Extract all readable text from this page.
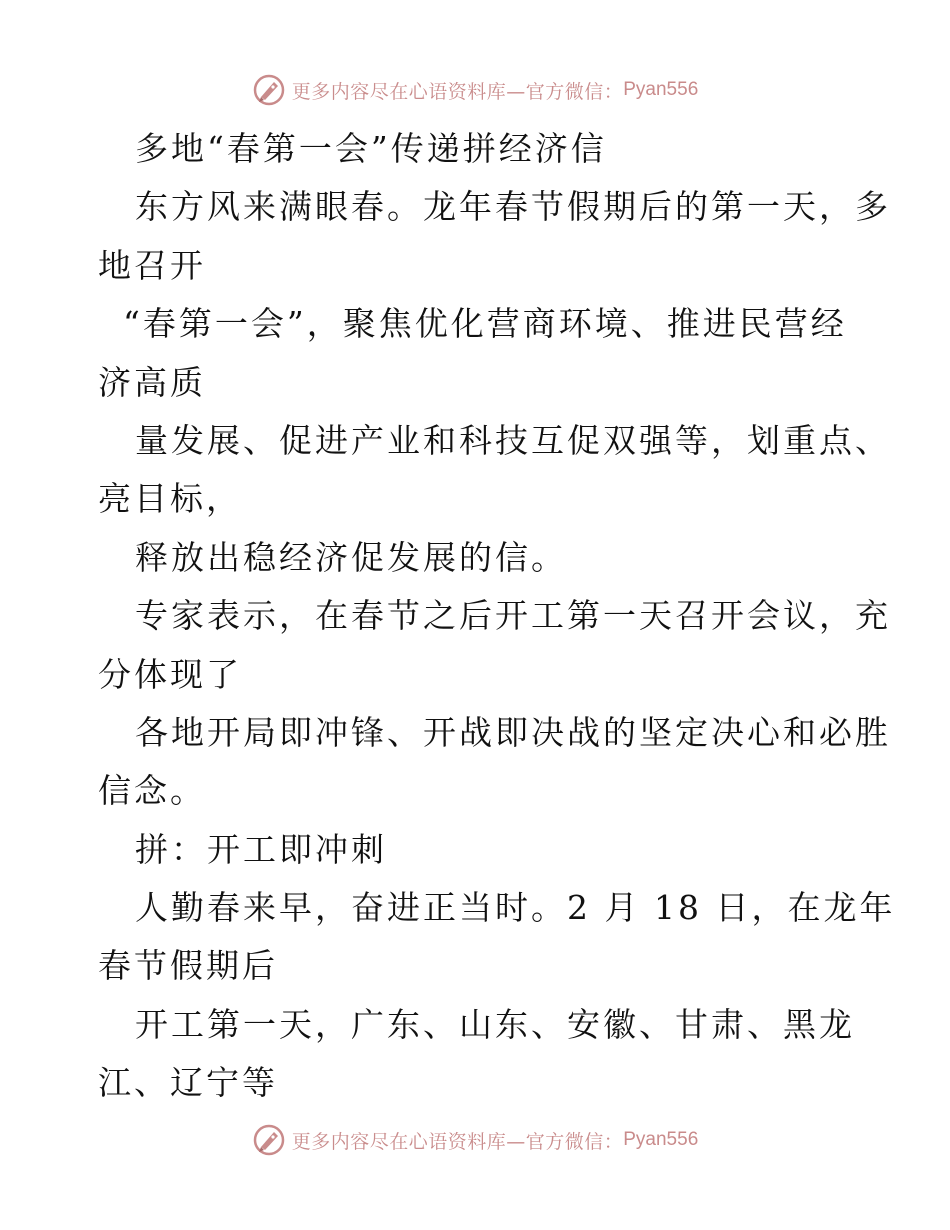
更多内容尽在心语资料库—官方微信： Pyan556
多地“春第一会”传递拼经济信
东方风来满眼春。龙年春节假期后的第一天，多
地召开
“春第一会”，聚焦优化营商环境、推进民营经
济高质
量发展、促进产业和科技互促双强等，划重点、
亮目标，
释放出稳经济促发展的信。
专家表示，在春节之后开工第一天召开会议，充
分体现了
各地开局即冲锋、开战即决战的坚定决心和必胜
信念。
拼：开工即冲刺
人勤春来早，奋进正当时。2 月 18 日，在龙年
春节假期后
开工第一天，广东、山东、安徽、甘肃、黑龙
江、辽宁等
更多内容尽在心语资料库—官方微信： Pyan556
